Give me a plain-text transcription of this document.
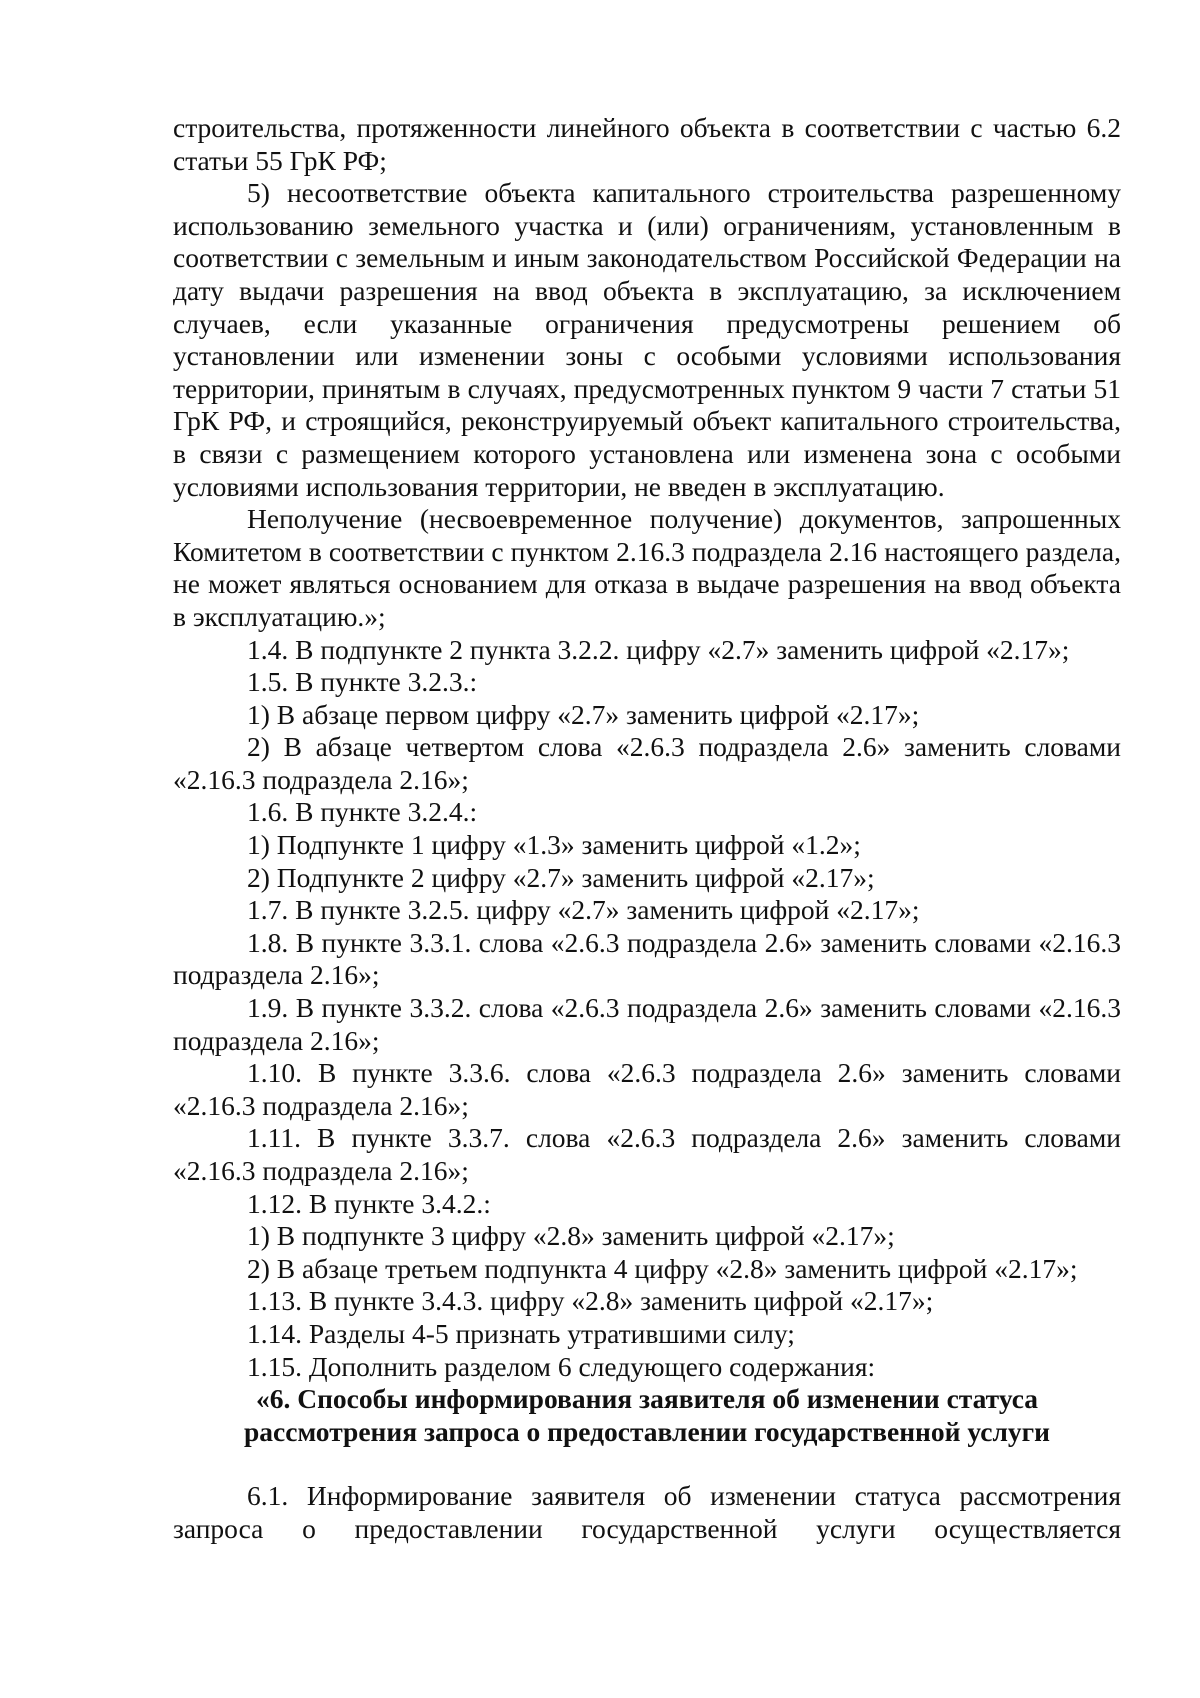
строительства, протяженности линейного объекта в соответствии с частью 6.2 статьи 55 ГрК РФ;

5) несоответствие объекта капитального строительства разрешенному использованию земельного участка и (или) ограничениям, установленным в соответствии с земельным и иным законодательством Российской Федерации на дату выдачи разрешения на ввод объекта в эксплуатацию, за исключением случаев, если указанные ограничения предусмотрены решением об установлении или изменении зоны с особыми условиями использования территории, принятым в случаях, предусмотренных пунктом 9 части 7 статьи 51 ГрК РФ, и строящийся, реконструируемый объект капитального строительства, в связи с размещением которого установлена или изменена зона с особыми условиями использования территории, не введен в эксплуатацию.

Неполучение (несвоевременное получение) документов, запрошенных Комитетом в соответствии с пунктом 2.16.3 подраздела 2.16 настоящего раздела, не может являться основанием для отказа в выдаче разрешения на ввод объекта в эксплуатацию.»;

1.4. В подпункте 2 пункта 3.2.2. цифру «2.7» заменить цифрой «2.17»;

1.5. В пункте 3.2.3.:

1) В абзаце первом цифру «2.7» заменить цифрой «2.17»;

2) В абзаце четвертом слова «2.6.3 подраздела 2.6» заменить словами «2.16.3 подраздела 2.16»;

1.6. В пункте 3.2.4.:

1) Подпункте 1 цифру «1.3» заменить цифрой «1.2»;

2) Подпункте 2 цифру «2.7» заменить цифрой «2.17»;

1.7. В пункте 3.2.5. цифру «2.7» заменить цифрой «2.17»;

1.8. В пункте 3.3.1. слова «2.6.3 подраздела 2.6» заменить словами «2.16.3 подраздела 2.16»;

1.9. В пункте 3.3.2. слова «2.6.3 подраздела 2.6» заменить словами «2.16.3 подраздела 2.16»;

1.10. В пункте 3.3.6. слова «2.6.3 подраздела 2.6» заменить словами «2.16.3 подраздела 2.16»;

1.11. В пункте 3.3.7. слова «2.6.3 подраздела 2.6» заменить словами «2.16.3 подраздела 2.16»;

1.12. В пункте 3.4.2.:

1) В подпункте 3 цифру «2.8» заменить цифрой «2.17»;

2) В абзаце третьем подпункта 4 цифру «2.8» заменить цифрой «2.17»;

1.13. В пункте 3.4.3. цифру «2.8» заменить цифрой «2.17»;

1.14. Разделы 4-5 признать утратившими силу;

1.15. Дополнить разделом 6 следующего содержания:

«6. Способы информирования заявителя об изменении статуса
рассмотрения запроса о предоставлении государственной услуги

6.1. Информирование заявителя об изменении статуса рассмотрения запроса о предоставлении государственной услуги осуществляется
